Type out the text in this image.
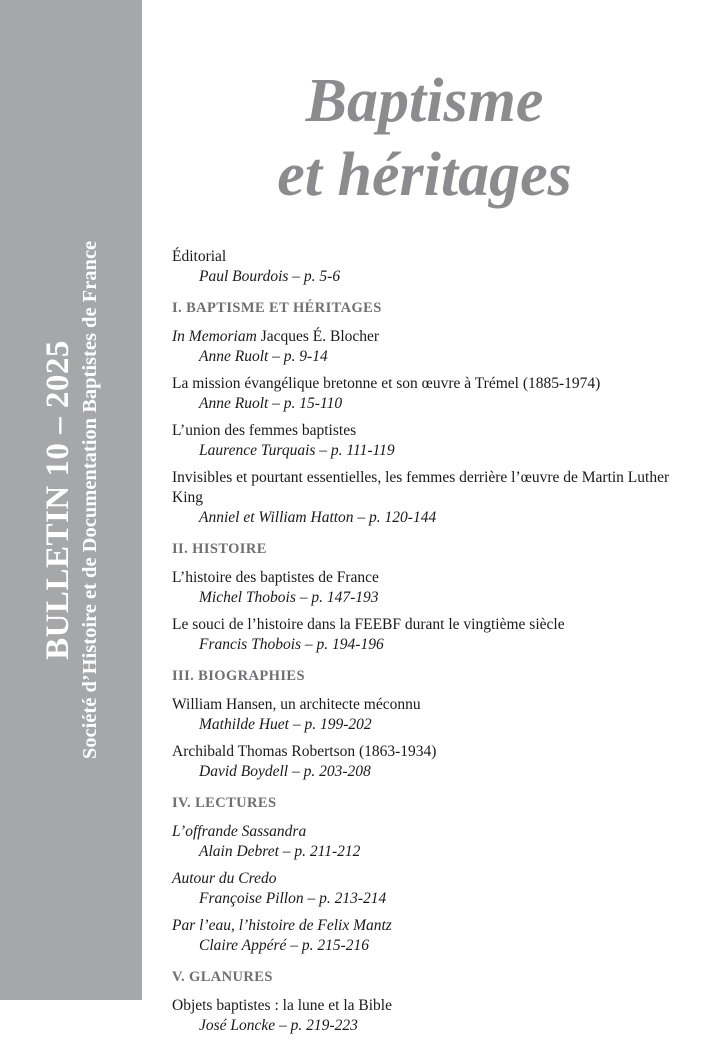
BULLETIN 10 – 2025 Société d’Histoire et de Documentation Baptistes de France
Baptisme
et héritages
Éditorial
Paul Bourdois – p. 5-6
I. BAPTISME ET HÉRITAGES
In Memoriam Jacques É. Blocher
Anne Ruolt – p. 9-14
La mission évangélique bretonne et son œuvre à Trémel (1885-1974)
Anne Ruolt – p. 15-110
L’union des femmes baptistes
Laurence Turquais – p. 111-119
Invisibles et pourtant essentielles, les femmes derrière l’œuvre de Martin Luther King
Anniel et William Hatton – p. 120-144
II. HISTOIRE
L’histoire des baptistes de France
Michel Thobois – p. 147-193
Le souci de l’histoire dans la FEEBF durant le vingtième siècle
Francis Thobois – p. 194-196
III. BIOGRAPHIES
William Hansen, un architecte méconnu
Mathilde Huet – p. 199-202
Archibald Thomas Robertson (1863-1934)
David Boydell – p. 203-208
IV. LECTURES
L’offrande Sassandra
Alain Debret – p. 211-212
Autour du Credo
Françoise Pillon – p. 213-214
Par l’eau, l’histoire de Felix Mantz
Claire Appéré – p. 215-216
V. GLANURES
Objets baptistes : la lune et la Bible
José Loncke – p. 219-223
